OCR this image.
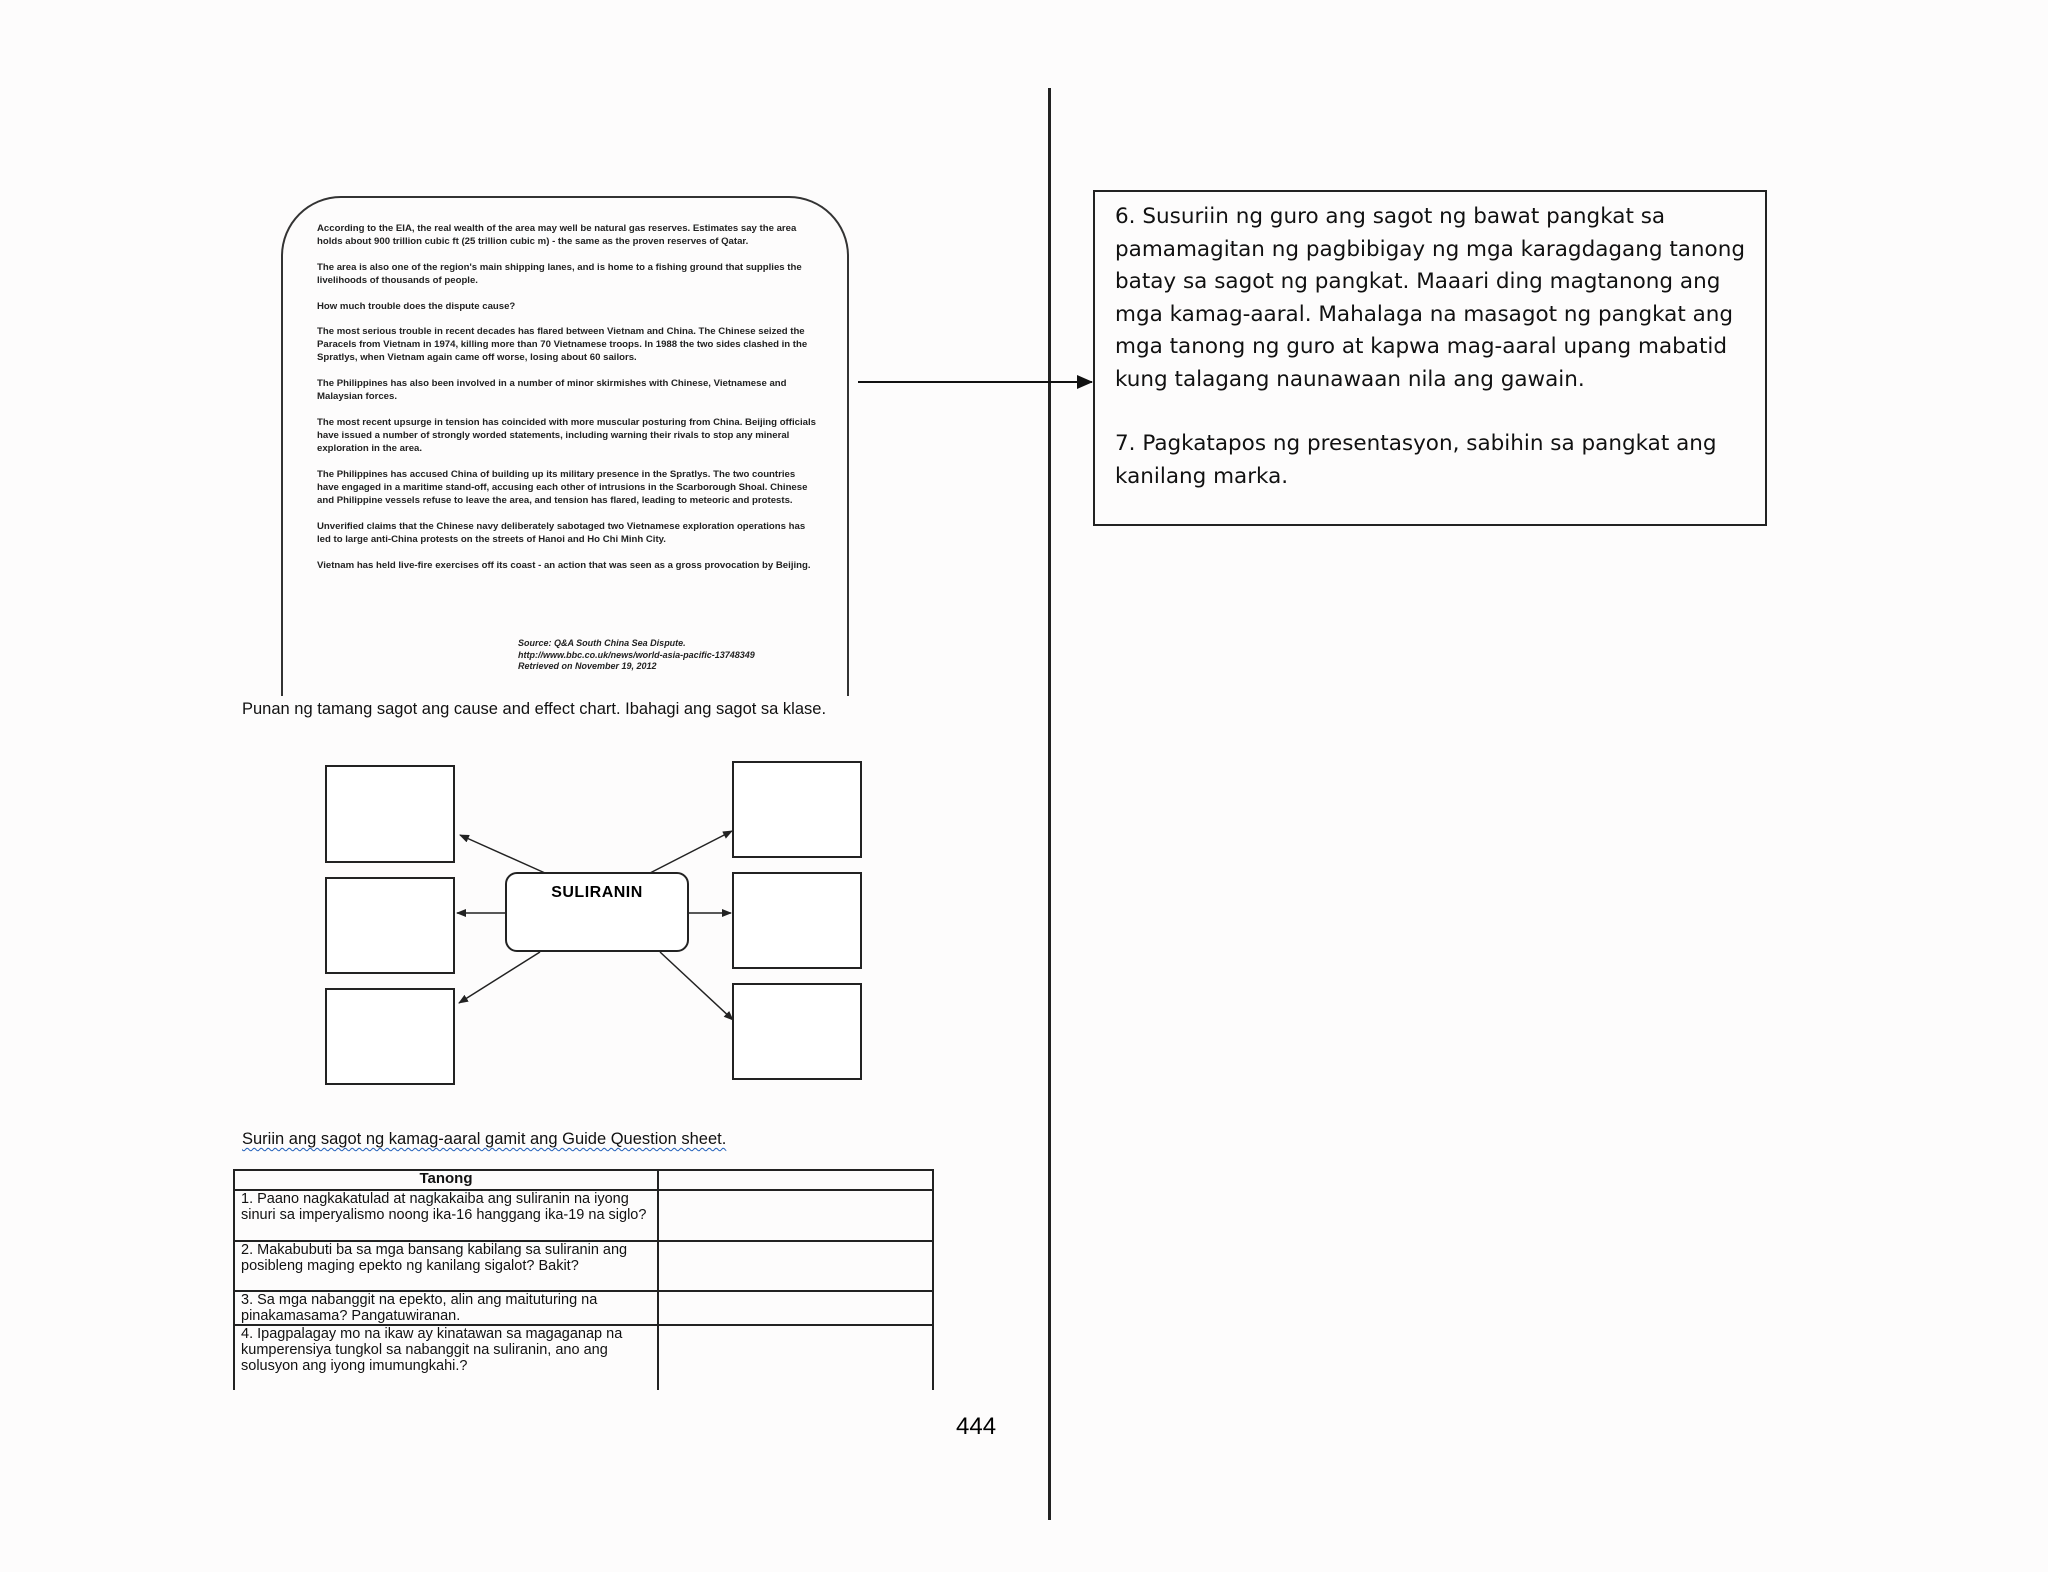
According to the EIA, the real wealth of the area may well be natural gas reserves. Estimates say the area holds about 900 trillion cubic ft (25 trillion cubic m) - the same as the proven reserves of Qatar.

The area is also one of the region's main shipping lanes, and is home to a fishing ground that supplies the livelihoods of thousands of people.

How much trouble does the dispute cause?

The most serious trouble in recent decades has flared between Vietnam and China. The Chinese seized the Paracels from Vietnam in 1974, killing more than 70 Vietnamese troops. In 1988 the two sides clashed in the Spratlys, when Vietnam again came off worse, losing about 60 sailors.

The Philippines has also been involved in a number of minor skirmishes with Chinese, Vietnamese and Malaysian forces.

The most recent upsurge in tension has coincided with more muscular posturing from China. Beijing officials have issued a number of strongly worded statements, including warning their rivals to stop any mineral exploration in the area.

The Philippines has accused China of building up its military presence in the Spratlys. The two countries have engaged in a maritime stand-off, accusing each other of intrusions in the Scarborough Shoal. Chinese and Philippine vessels refuse to leave the area, and tension has flared, leading to meteoric and protests.

Unverified claims that the Chinese navy deliberately sabotaged two Vietnamese exploration operations has led to large anti-China protests on the streets of Hanoi and Ho Chi Minh City.

Vietnam has held live-fire exercises off its coast - an action that was seen as a gross provocation by Beijing.

Source: Q&A South China Sea Dispute.
http://www.bbc.co.uk/news/world-asia-pacific-13748349
Retrieved on November 19, 2012
Punan ng tamang sagot ang cause and effect chart. Ibahagi ang sagot sa klase.
SULIRANIN
Suriin ang sagot ng kamag-aaral gamit ang Guide Question sheet.
Tanong	
1. Paano nagkakatulad at nagkakaiba ang suliranin na iyong sinuri sa imperyalismo noong ika-16 hanggang ika-19 na siglo?	
2. Makabubuti ba sa mga bansang kabilang sa suliranin ang posibleng maging epekto ng kanilang sigalot? Bakit?	
3. Sa mga nabanggit na epekto, alin ang maituturing na pinakamasama? Pangatuwiranan.	
4. Ipagpalagay mo na ikaw ay kinatawan sa magaganap na kumperensiya tungkol sa nabanggit na suliranin, ano ang solusyon ang iyong imumungkahi.?	
444

6. Susuriin ng guro ang sagot ng bawat pangkat sa pamamagitan ng pagbibigay ng mga karagdagang tanong batay sa sagot ng pangkat. Maaari ding magtanong ang mga kamag-aaral. Mahalaga na masagot ng pangkat ang mga tanong ng guro at kapwa mag-aaral upang mabatid kung talagang naunawaan nila ang gawain.

7. Pagkatapos ng presentasyon, sabihin sa pangkat ang kanilang marka.
